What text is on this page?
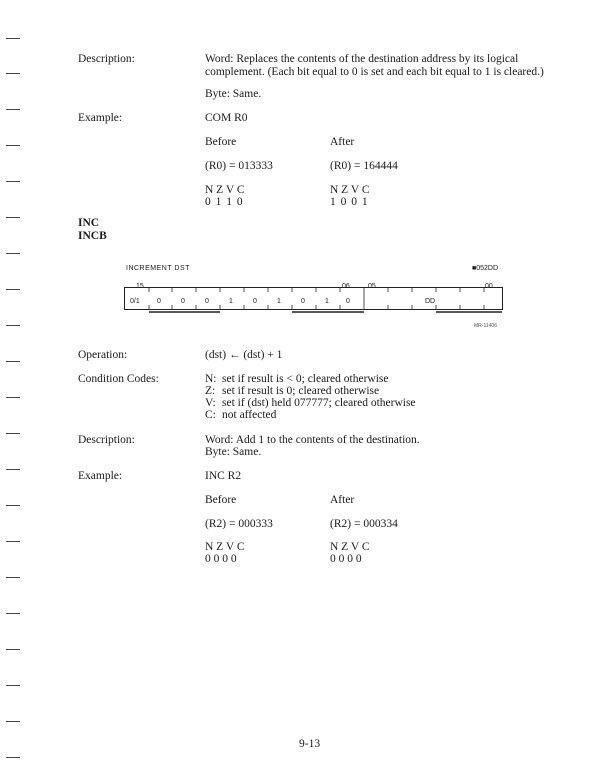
Description:	Word: Replaces the contents of the destination address by its logical
complement. (Each bit equal to 0 is set and each bit equal to 1 is cleared.)
Byte: Same.
Example:	COM R0
Before	After
(R0) = 013333	(R0) = 164444
N Z V C	N Z V C
0 1 1 0	1 0 0 1
INC
INCB
INCREMENT DST	■052DD
15	06	05	00
0/1 0	0	0	1	0	1	0	1 0	DD
MR-11406
Operation:	(dst) ← (dst) + 1
Condition Codes:	N: set if result is < 0; cleared otherwise
Z: set if result is 0; cleared otherwise
V: set if (dst) held 077777; cleared otherwise
C: not affected
Description:	Word: Add 1 to the contents of the destination.
Byte: Same.
Example:	INC R2
Before	After
(R2) = 000333	(R2) = 000334
N Z V C	N Z V C
0 0 0 0	0 0 0 0
9-13
